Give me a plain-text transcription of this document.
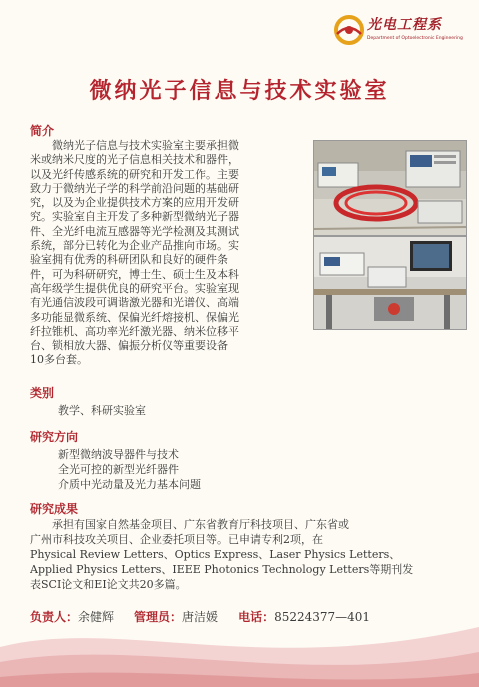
光电工程系
Department of Optoelectronic Engineering
微纳光子信息与技术实验室
简介
微纳光子信息与技术实验室主要承担微
米或纳米尺度的光子信息相关技术和器件，
以及光纤传感系统的研究和开发工作。主要
致力于微纳光子学的科学前沿问题的基础研
究，以及为企业提供技术方案的应用开发研
究。实验室自主开发了多种新型微纳光子器
件、全光纤电流互感器等光学检测及其测试
系统，部分已转化为企业产品推向市场。实
验室拥有优秀的科研团队和良好的硬件条
件，可为科研研究，博士生、硕士生及本科
高年级学生提供优良的研究平台。实验室现
有光通信波段可调谐激光器和光谱仪、高端
多功能显微系统、保偏光纤熔接机、保偏光
纤拉锥机、高功率光纤激光器、纳米位移平
台、锁相放大器、偏振分析仪等重要设备
10多台套。
类别
教学、科研实验室
研究方向
新型微纳波导器件与技术
全光可控的新型光纤器件
介质中光动量及光力基本问题
研究成果
承担有国家自然基金项目、广东省教育厅科技项目、广东省或
广州市科技攻关项目、企业委托项目等。已申请专利2项，在
Physical Review Letters、Optics Express、Laser Physics Letters、
Applied Physics Letters、IEEE Photonics Technology Letters等期刊发
表SCI论文和EI论文共20多篇。
负责人：余健辉 管理员：唐洁媛 电话：85224377—401
